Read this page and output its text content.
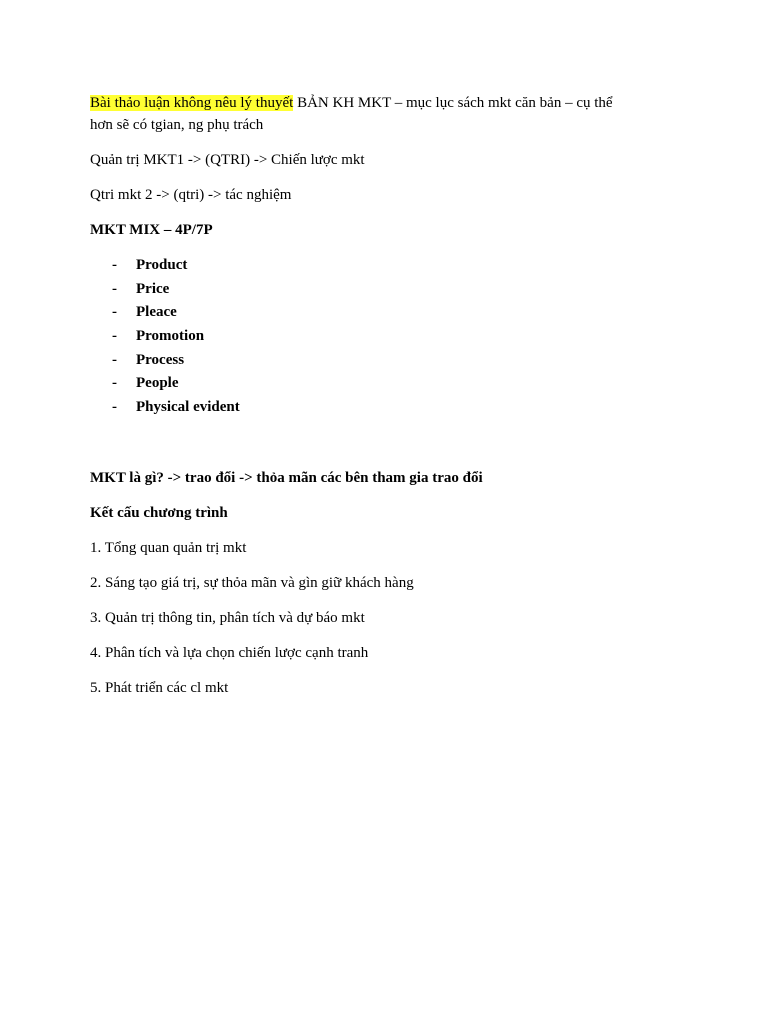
Bài thảo luận không nêu lý thuyết BẢN KH MKT – mục lục sách mkt căn bản – cụ thể
hơn sẽ có tgian, ng phụ trách

Quản trị MKT1 -> (QTRI) -> Chiến lược mkt

Qtri mkt 2 -> (qtri) -> tác nghiệm

MKT MIX – 4P/7P

- Product
- Price
- Pleace
- Promotion
- Process
- People
- Physical evident

MKT là gì? -> trao đổi -> thỏa mãn các bên tham gia trao đổi

Kết cấu chương trình

1. Tổng quan quản trị mkt

2. Sáng tạo giá trị, sự thỏa mãn và gìn giữ khách hàng

3. Quản trị thông tin, phân tích và dự báo mkt

4. Phân tích và lựa chọn chiến lược cạnh tranh

5. Phát triển các cl mkt
